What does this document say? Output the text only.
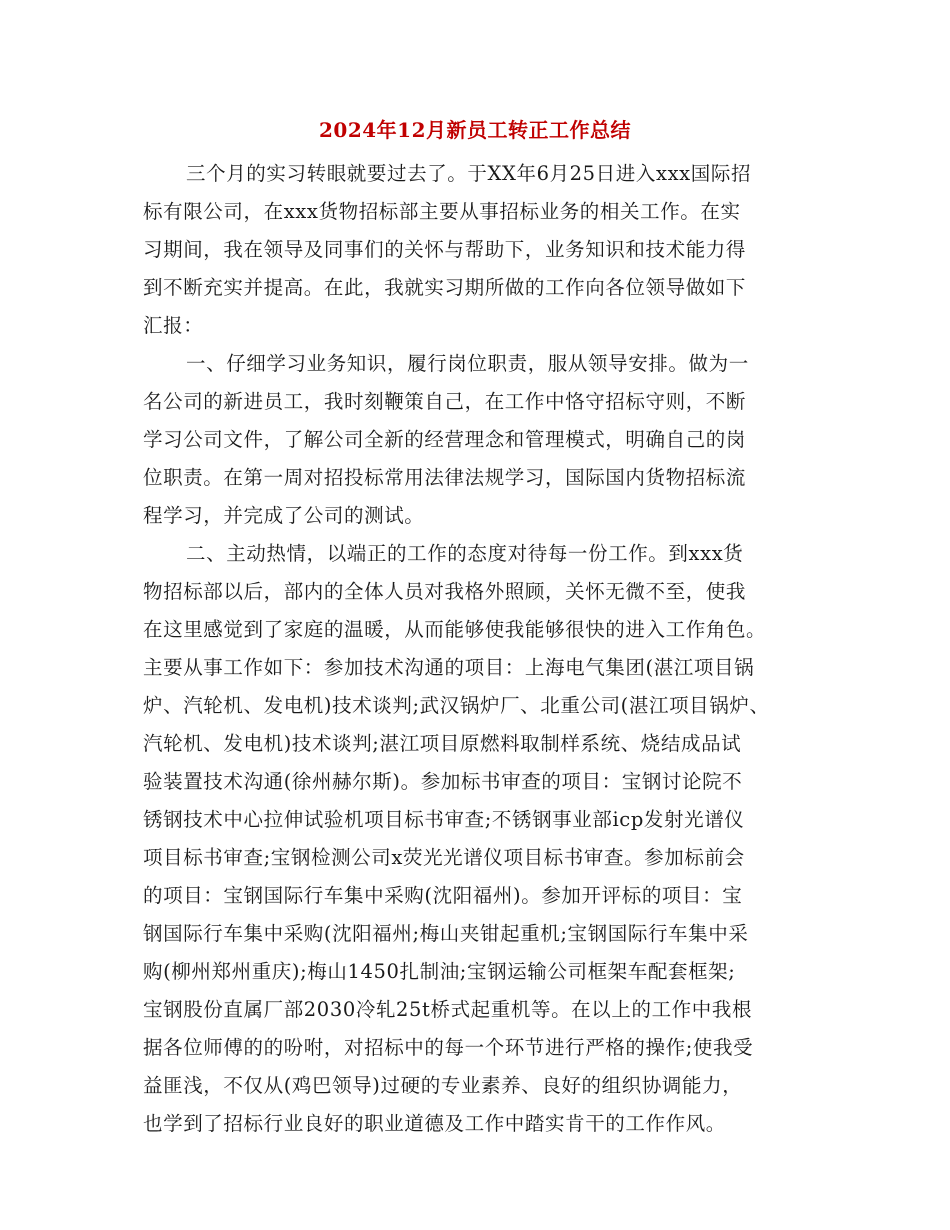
2024年12月新员工转正工作总结
三个月的实习转眼就要过去了。于XX年6月25日进入xxx国际招
标有限公司，在xxx货物招标部主要从事招标业务的相关工作。在实
习期间，我在领导及同事们的关怀与帮助下，业务知识和技术能力得
到不断充实并提高。在此，我就实习期所做的工作向各位领导做如下
汇报：
一、仔细学习业务知识，履行岗位职责，服从领导安排。做为一
名公司的新进员工，我时刻鞭策自己，在工作中恪守招标守则，不断
学习公司文件，了解公司全新的经营理念和管理模式，明确自己的岗
位职责。在第一周对招投标常用法律法规学习，国际国内货物招标流
程学习，并完成了公司的测试。
二、主动热情，以端正的工作的态度对待每一份工作。到xxx货
物招标部以后，部内的全体人员对我格外照顾，关怀无微不至，使我
在这里感觉到了家庭的温暖，从而能够使我能够很快的进入工作角色。
主要从事工作如下：参加技术沟通的项目：上海电气集团(湛江项目锅
炉、汽轮机、发电机)技术谈判;武汉锅炉厂、北重公司(湛江项目锅炉、
汽轮机、发电机)技术谈判;湛江项目原燃料取制样系统、烧结成品试
验装置技术沟通(徐州赫尔斯)。参加标书审查的项目：宝钢讨论院不
锈钢技术中心拉伸试验机项目标书审查;不锈钢事业部icp发射光谱仪
项目标书审查;宝钢检测公司x荧光光谱仪项目标书审查。参加标前会
的项目：宝钢国际行车集中采购(沈阳福州)。参加开评标的项目：宝
钢国际行车集中采购(沈阳福州;梅山夹钳起重机;宝钢国际行车集中采
购(柳州郑州重庆);梅山1450扎制油;宝钢运输公司框架车配套框架;
宝钢股份直属厂部2030冷轧25t桥式起重机等。在以上的工作中我根
据各位师傅的的吩咐，对招标中的每一个环节进行严格的操作;使我受
益匪浅，不仅从(鸡巴领导)过硬的专业素养、良好的组织协调能力，
也学到了招标行业良好的职业道德及工作中踏实肯干的工作作风。
